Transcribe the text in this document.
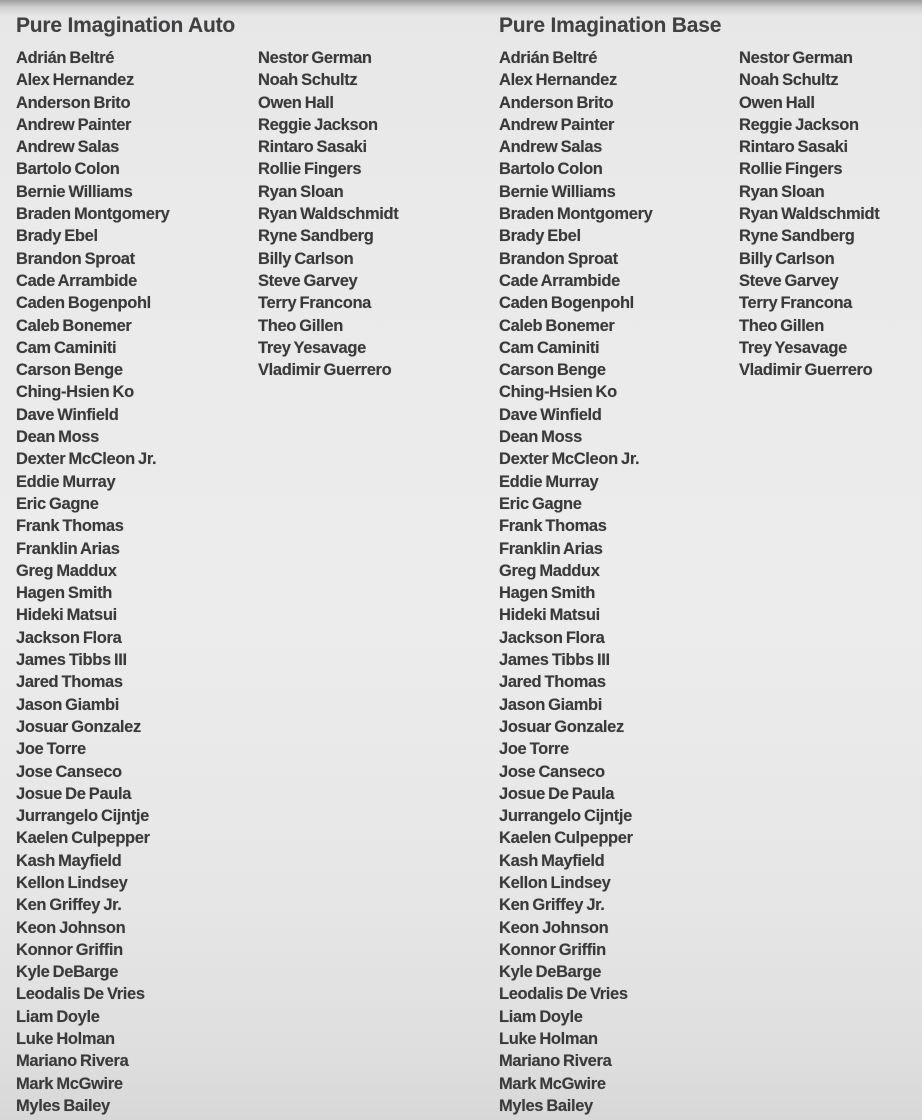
Pure Imagination Auto
Adrián Beltré
Alex Hernandez
Anderson Brito
Andrew Painter
Andrew Salas
Bartolo Colon
Bernie Williams
Braden Montgomery
Brady Ebel
Brandon Sproat
Cade Arrambide
Caden Bogenpohl
Caleb Bonemer
Cam Caminiti
Carson Benge
Ching-Hsien Ko
Dave Winfield
Dean Moss
Dexter McCleon Jr.
Eddie Murray
Eric Gagne
Frank Thomas
Franklin Arias
Greg Maddux
Hagen Smith
Hideki Matsui
Jackson Flora
James Tibbs III
Jared Thomas
Jason Giambi
Josuar Gonzalez
Joe Torre
Jose Canseco
Josue De Paula
Jurrangelo Cijntje
Kaelen Culpepper
Kash Mayfield
Kellon Lindsey
Ken Griffey Jr.
Keon Johnson
Konnor Griffin
Kyle DeBarge
Leodalis De Vries
Liam Doyle
Luke Holman
Mariano Rivera
Mark McGwire
Myles Bailey
Nestor German
Noah Schultz
Owen Hall
Reggie Jackson
Rintaro Sasaki
Rollie Fingers
Ryan Sloan
Ryan Waldschmidt
Ryne Sandberg
Billy Carlson
Steve Garvey
Terry Francona
Theo Gillen
Trey Yesavage
Vladimir Guerrero
Pure Imagination Base
Adrián Beltré
Alex Hernandez
Anderson Brito
Andrew Painter
Andrew Salas
Bartolo Colon
Bernie Williams
Braden Montgomery
Brady Ebel
Brandon Sproat
Cade Arrambide
Caden Bogenpohl
Caleb Bonemer
Cam Caminiti
Carson Benge
Ching-Hsien Ko
Dave Winfield
Dean Moss
Dexter McCleon Jr.
Eddie Murray
Eric Gagne
Frank Thomas
Franklin Arias
Greg Maddux
Hagen Smith
Hideki Matsui
Jackson Flora
James Tibbs III
Jared Thomas
Jason Giambi
Josuar Gonzalez
Joe Torre
Jose Canseco
Josue De Paula
Jurrangelo Cijntje
Kaelen Culpepper
Kash Mayfield
Kellon Lindsey
Ken Griffey Jr.
Keon Johnson
Konnor Griffin
Kyle DeBarge
Leodalis De Vries
Liam Doyle
Luke Holman
Mariano Rivera
Mark McGwire
Myles Bailey
Nestor German
Noah Schultz
Owen Hall
Reggie Jackson
Rintaro Sasaki
Rollie Fingers
Ryan Sloan
Ryan Waldschmidt
Ryne Sandberg
Billy Carlson
Steve Garvey
Terry Francona
Theo Gillen
Trey Yesavage
Vladimir Guerrero
